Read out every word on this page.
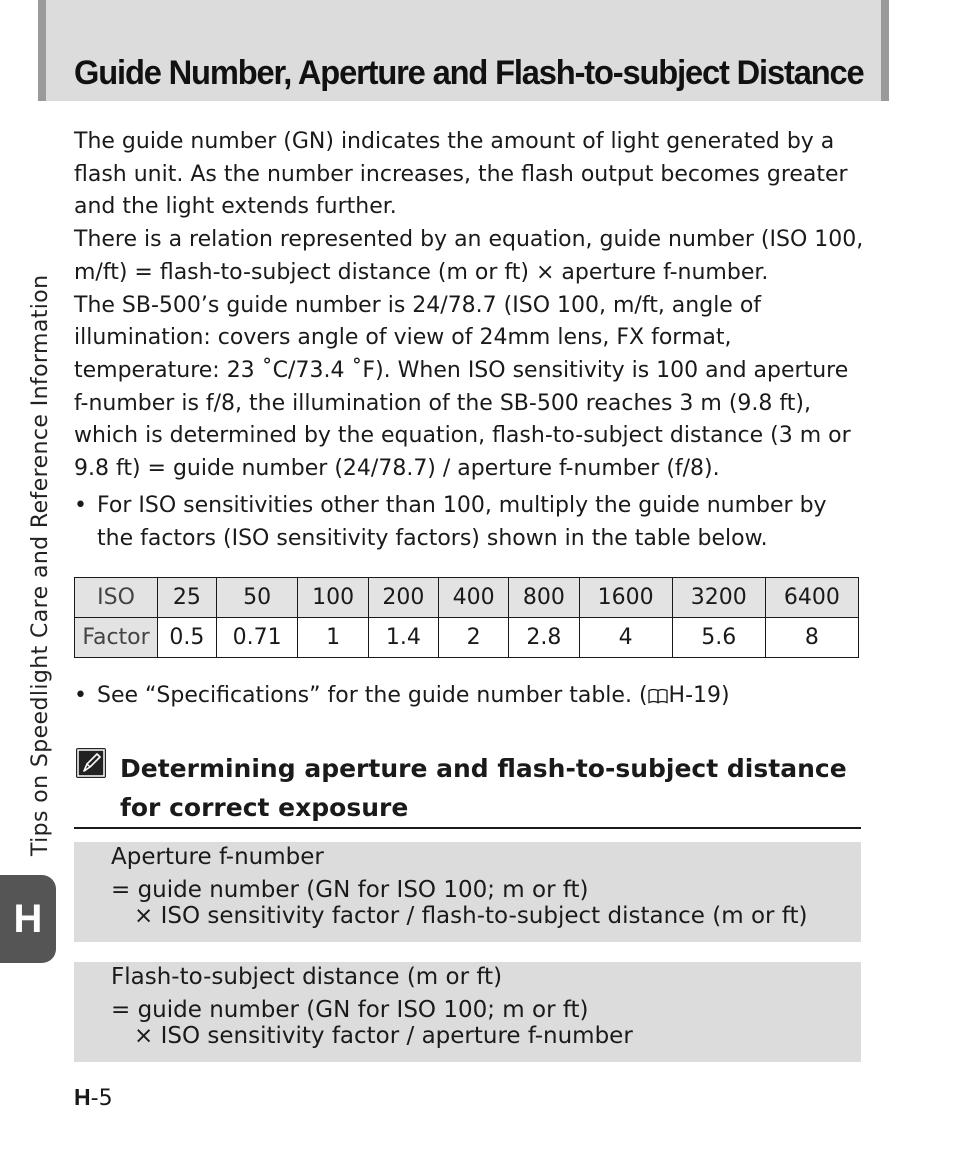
Guide Number, Aperture and Flash-to-subject Distance
Tips on Speedlight Care and Reference Information
H

The guide number (GN) indicates the amount of light generated by a flash unit. As the number increases, the flash output becomes greater and the light extends further.

There is a relation represented by an equation, guide number (ISO 100, m/ft) = flash-to-subject distance (m or ft) × aperture f-number.

The SB-500’s guide number is 24/78.7 (ISO 100, m/ft, angle of illumination: covers angle of view of 24mm lens, FX format, temperature: 23 ˚C/73.4 ˚F). When ISO sensitivity is 100 and aperture f-number is f/8, the illumination of the SB-500 reaches 3 m (9.8 ft), which is determined by the equation, flash-to-subject distance (3 m or 9.8 ft) = guide number (24/78.7) / aperture f-number (f/8).

• For ISO sensitivities other than 100, multiply the guide number by the factors (ISO sensitivity factors) shown in the table below.
ISO	25	50	100	200	400	800	1600	3200	6400
Factor	0.5	0.71	1	1.4	2	2.8	4	5.6	8
• See “Specifications” for the guide number table. ( H-19)
Determining aperture and flash-to-subject distance for correct exposure
Aperture f-number
= guide number (GN for ISO 100; m or ft)
× ISO sensitivity factor / flash-to-subject distance (m or ft)
Flash-to-subject distance (m or ft)
= guide number (GN for ISO 100; m or ft)
× ISO sensitivity factor / aperture f-number
H-5
